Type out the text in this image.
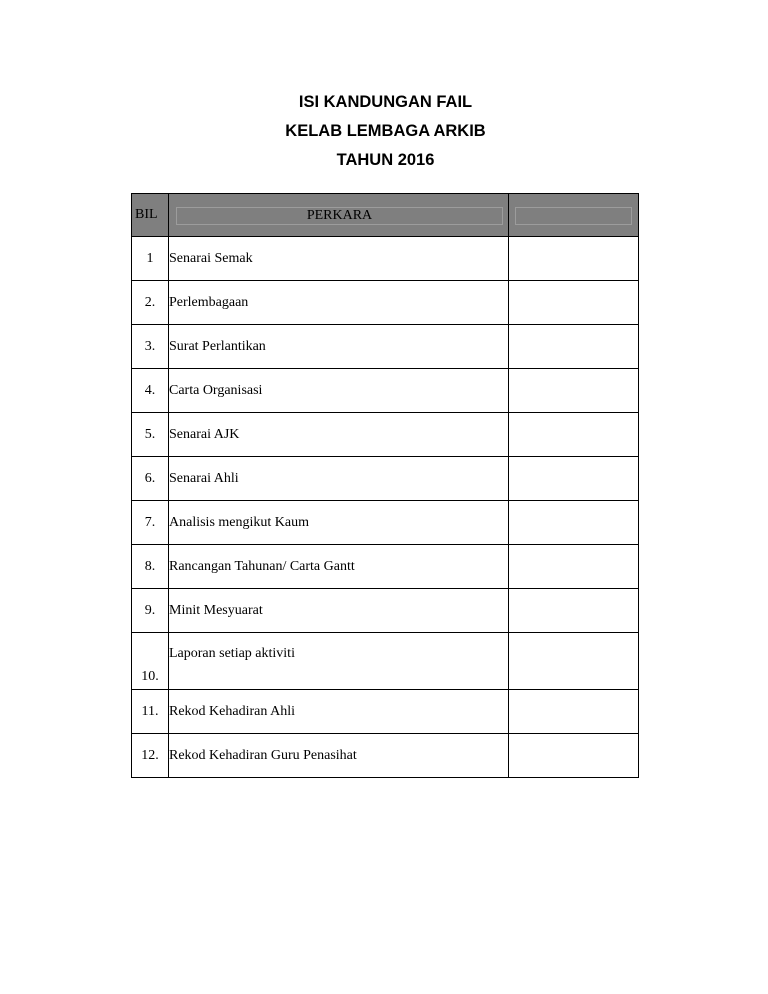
ISI KANDUNGAN FAIL
KELAB LEMBAGA ARKIB
TAHUN 2016
BIL	PERKARA	

1	Senarai Semak	
2.	Perlembagaan	
3.	Surat Perlantikan	
4.	Carta Organisasi	
5.	Senarai AJK	
6.	Senarai Ahli	
7.	Analisis mengikut Kaum	
8.	Rancangan Tahunan/ Carta Gantt	
9.	Minit Mesyuarat	
10.	Laporan setiap aktiviti	
11.	Rekod Kehadiran Ahli	
12.	Rekod Kehadiran Guru Penasihat	
